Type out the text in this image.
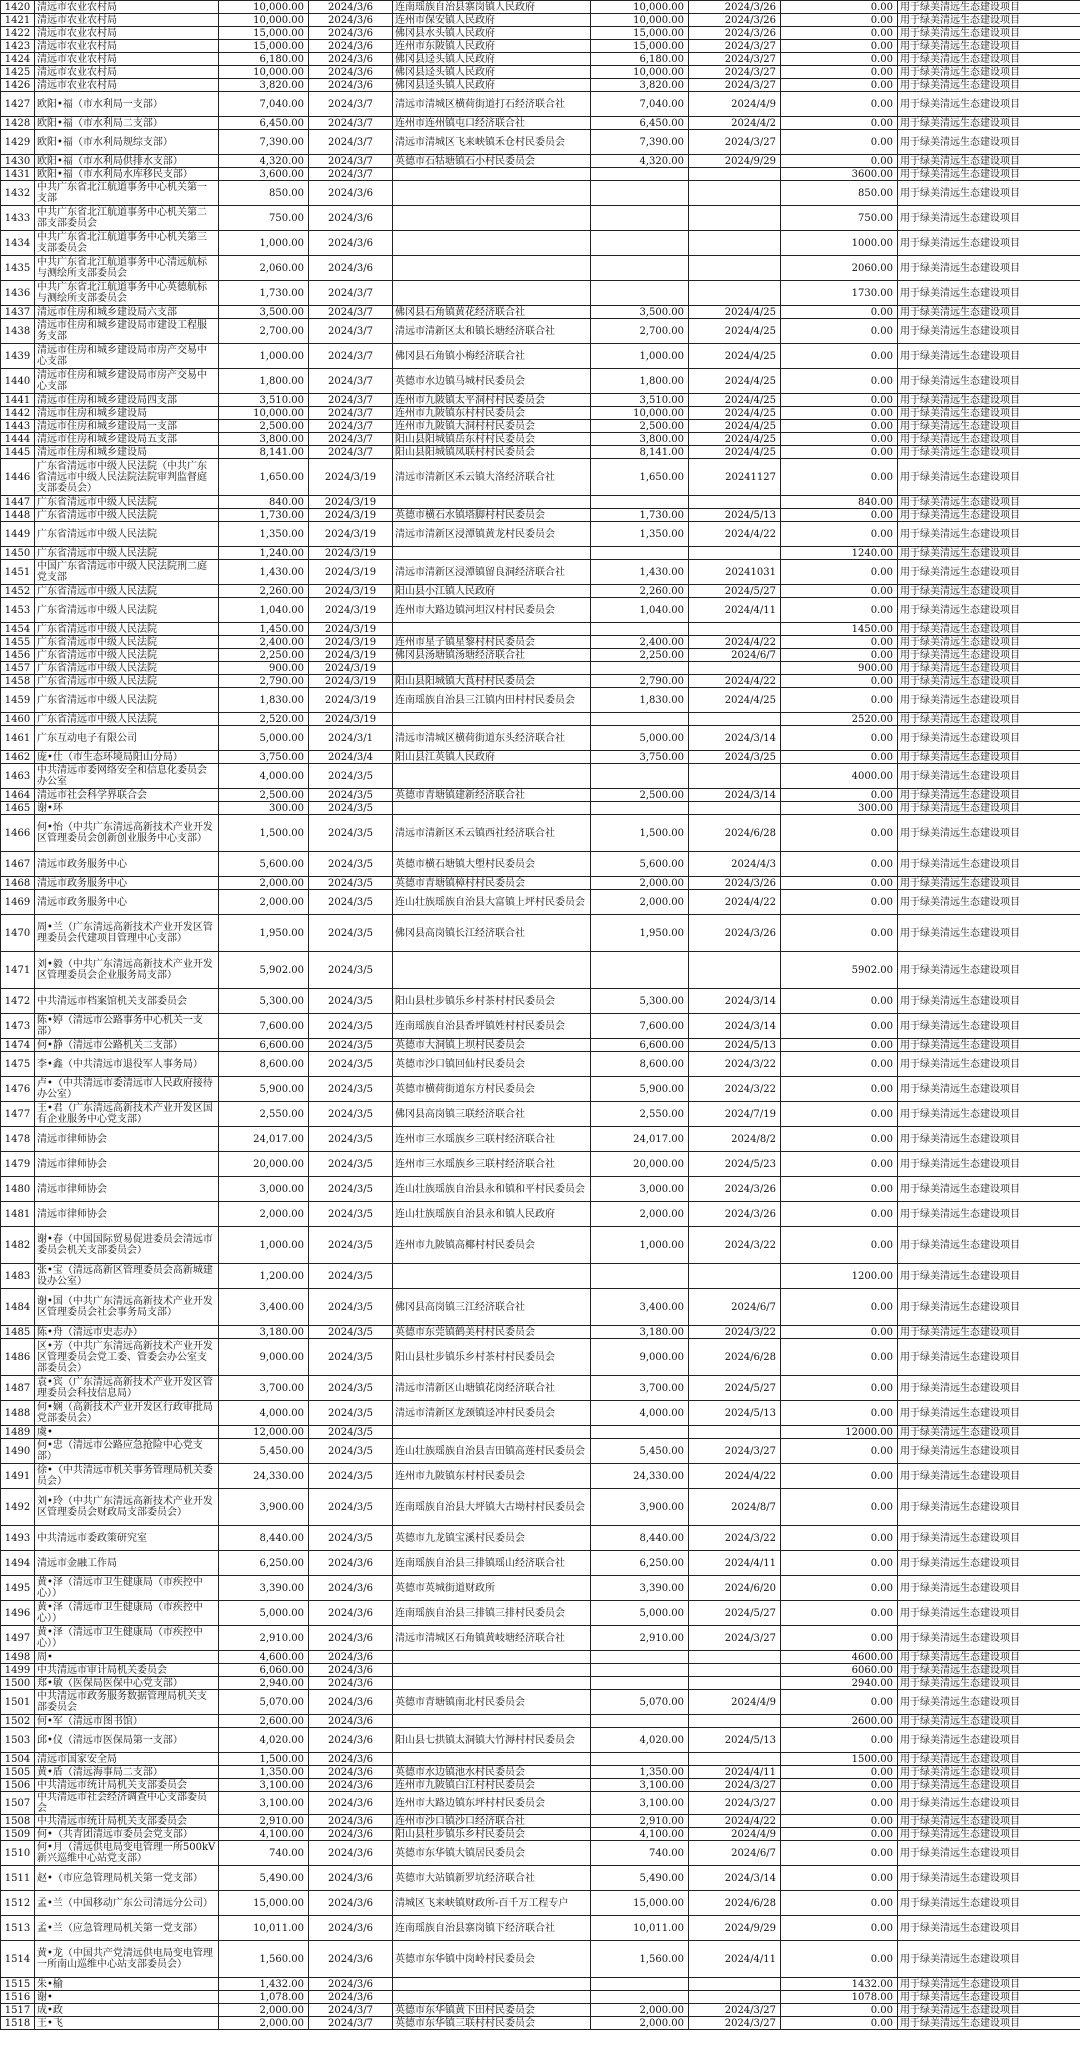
1420	清远市农业农村局	10,000.00	2024/3/6	连南瑶族自治县寨岗镇人民政府	10,000.00	2024/3/26	0.00	用于绿美清远生态建设项目
1421	清远市农业农村局	10,000.00	2024/3/6	连州市保安镇人民政府	10,000.00	2024/3/26	0.00	用于绿美清远生态建设项目
1422	清远市农业农村局	15,000.00	2024/3/6	佛冈县水头镇人民政府	15,000.00	2024/3/26	0.00	用于绿美清远生态建设项目
1423	清远市农业农村局	15,000.00	2024/3/6	连州市东陂镇人民政府	15,000.00	2024/3/27	0.00	用于绿美清远生态建设项目
1424	清远市农业农村局	6,180.00	2024/3/6	佛冈县迳头镇人民政府	6,180.00	2024/3/27	0.00	用于绿美清远生态建设项目
1425	清远市农业农村局	10,000.00	2024/3/6	佛冈县迳头镇人民政府	10,000.00	2024/3/27	0.00	用于绿美清远生态建设项目
1426	清远市农业农村局	3,820.00	2024/3/6	佛冈县迳头镇人民政府	3,820.00	2024/3/27	0.00	用于绿美清远生态建设项目
1427	欧阳•福（市水利局一支部）	7,040.00	2024/3/7	清远市清城区横荷街道打石经济联合社	7,040.00	2024/4/9	0.00	用于绿美清远生态建设项目
1428	欧阳•福（市水利局二支部）	6,450.00	2024/3/7	连州市连州镇屯口经济联合社	6,450.00	2024/4/2	0.00	用于绿美清远生态建设项目
1429	欧阳•福（市水利局规综支部）	7,390.00	2024/3/7	清远市清城区飞来峡镇禾仓村民委员会	7,390.00	2024/3/27	0.00	用于绿美清远生态建设项目
1430	欧阳•福（市水利局供排水支部）	4,320.00	2024/3/7	英德市石牯塘镇石小村民委员会	4,320.00	2024/9/29	0.00	用于绿美清远生态建设项目
1431	欧阳•福（市水利局水库移民支部）	3,600.00	2024/3/7				3600.00	用于绿美清远生态建设项目
1432	中共广东省北江航道事务中心机关第一支部	850.00	2024/3/6				850.00	用于绿美清远生态建设项目
1433	中共广东省北江航道事务中心机关第二部支部委员会	750.00	2024/3/6				750.00	用于绿美清远生态建设项目
1434	中共广东省北江航道事务中心机关第三支部委员会	1,000.00	2024/3/6				1000.00	用于绿美清远生态建设项目
1435	中共广东省北江航道事务中心清远航标与测绘所支部委员会	2,060.00	2024/3/6				2060.00	用于绿美清远生态建设项目
1436	中共广东省北江航道事务中心英德航标与测绘所支部委员会	1,730.00	2024/3/7				1730.00	用于绿美清远生态建设项目
1437	清远市住房和城乡建设局六支部	3,500.00	2024/3/7	佛冈县石角镇黄花经济联合社	3,500.00	2024/4/25	0.00	用于绿美清远生态建设项目
1438	清远市住房和城乡建设局市建设工程服务支部	2,700.00	2024/3/7	清远市清新区太和镇长塘经济联合社	2,700.00	2024/4/25	0.00	用于绿美清远生态建设项目
1439	清远市住房和城乡建设局市房产交易中心支部	1,000.00	2024/3/7	佛冈县石角镇小梅经济联合社	1,000.00	2024/4/25	0.00	用于绿美清远生态建设项目
1440	清远市住房和城乡建设局市房产交易中心支部	1,800.00	2024/3/7	英德市水边镇马城村民委员会	1,800.00	2024/4/25	0.00	用于绿美清远生态建设项目
1441	清远市住房和城乡建设局四支部	3,510.00	2024/3/7	连州市九陂镇太平洞村村民委员会	3,510.00	2024/4/25	0.00	用于绿美清远生态建设项目
1442	清远市住房和城乡建设局	10,000.00	2024/3/7	连州市九陂镇东村村民委员会	10,000.00	2024/4/25	0.00	用于绿美清远生态建设项目
1443	清远市住房和城乡建设局一支部	2,500.00	2024/3/7	连州市九陂镇大洞村村民委员会	2,500.00	2024/4/25	0.00	用于绿美清远生态建设项目
1444	清远市住房和城乡建设局五支部	3,800.00	2024/3/7	阳山县阳城镇岳东村村民委员会	3,800.00	2024/4/25	0.00	用于绿美清远生态建设项目
1445	清远市住房和城乡建设局	8,141.00	2024/3/7	阳山县阳城镇凤联村村民委员会	8,141.00	2024/4/25	0.00	用于绿美清远生态建设项目
1446	广东省清远市中级人民法院（中共广东省清远市中级人民法院法院审判监督庭支部委员会）	1,650.00	2024/3/19	清远市清新区禾云镇大洛经济联合社	1,650.00	20241127	0.00	用于绿美清远生态建设项目
1447	广东省清远市中级人民法院	840.00	2024/3/19				840.00	用于绿美清远生态建设项目
1448	广东省清远市中级人民法院	1,730.00	2024/3/19	英德市横石水镇塔脚村村民委员会	1,730.00	2024/5/13	0.00	用于绿美清远生态建设项目
1449	广东省清远市中级人民法院	1,350.00	2024/3/19	清远市清新区浸潭镇黄龙村民委员会	1,350.00	2024/4/22	0.00	用于绿美清远生态建设项目
1450	广东省清远市中级人民法院	1,240.00	2024/3/19				1240.00	用于绿美清远生态建设项目
1451	中国广东省清远市中级人民法院刑二庭党支部	1,430.00	2024/3/19	清远市清新区浸潭镇留良洞经济联合社	1,430.00	20241031	0.00	用于绿美清远生态建设项目
1452	广东省清远市中级人民法院	2,260.00	2024/3/19	阳山县小江镇人民政府	2,260.00	2024/5/27	0.00	用于绿美清远生态建设项目
1453	广东省清远市中级人民法院	1,040.00	2024/3/19	连州市大路边镇河坦汉村村民委员会	1,040.00	2024/4/11	0.00	用于绿美清远生态建设项目
1454	广东省清远市中级人民法院	1,450.00	2024/3/19				1450.00	用于绿美清远生态建设项目
1455	广东省清远市中级人民法院	2,400.00	2024/3/19	连州市星子镇星黎村村民委员会	2,400.00	2024/4/22	0.00	用于绿美清远生态建设项目
1456	广东省清远市中级人民法院	2,250.00	2024/3/19	佛冈县汤塘镇汤塘经济联合社	2,250.00	2024/6/7	0.00	用于绿美清远生态建设项目
1457	广东省清远市中级人民法院	900.00	2024/3/19				900.00	用于绿美清远生态建设项目
1458	广东省清远市中级人民法院	2,790.00	2024/3/19	阳山县阳城镇大莨村村民委员会	2,790.00	2024/4/22	0.00	用于绿美清远生态建设项目
1459	广东省清远市中级人民法院	1,830.00	2024/3/19	连南瑶族自治县三江镇内田村村民委员会	1,830.00	2024/4/25	0.00	用于绿美清远生态建设项目
1460	广东省清远市中级人民法院	2,520.00	2024/3/19				2520.00	用于绿美清远生态建设项目
1461	广东互动电子有限公司	5,000.00	2024/3/1	清远市清城区横荷街道东头经济联合社	5,000.00	2024/3/14	0.00	用于绿美清远生态建设项目
1462	庞•仕（市生态环境局阳山分局）	3,750.00	2024/3/4	阳山县江英镇人民政府	3,750.00	2024/3/25	0.00	用于绿美清远生态建设项目
1463	中共清远市委网络安全和信息化委员会办公室	4,000.00	2024/3/5				4000.00	用于绿美清远生态建设项目
1464	清远市社会科学界联合会	2,500.00	2024/3/5	英德市青塘镇建新经济联合社	2,500.00	2024/3/14	0.00	用于绿美清远生态建设项目
1465	谢•环	300.00	2024/3/5				300.00	用于绿美清远生态建设项目
1466	何•怡（中共广东清远高新技术产业开发区管理委员会创新创业服务中心支部）	1,500.00	2024/3/5	清远市清新区禾云镇西社经济联合社	1,500.00	2024/6/28	0.00	用于绿美清远生态建设项目
1467	清远市政务服务中心	5,600.00	2024/3/5	英德市横石塘镇大塱村民委员会	5,600.00	2024/4/3	0.00	用于绿美清远生态建设项目
1468	清远市政务服务中心	2,000.00	2024/3/5	英德市青塘镇樟村村民委员会	2,000.00	2024/3/26	0.00	用于绿美清远生态建设项目
1469	清远市政务服务中心	2,000.00	2024/3/5	连山壮族瑶族自治县大富镇上坪村民委员会	2,000.00	2024/4/22	0.00	用于绿美清远生态建设项目
1470	周•兰（广东清远高新技术产业开发区管理委员会代建项目管理中心支部）	1,950.00	2024/3/5	佛冈县高岗镇长江经济联合社	1,950.00	2024/3/26	0.00	用于绿美清远生态建设项目
1471	刘•毅（中共广东清远高新技术产业开发区管理委员会企业服务局支部）	5,902.00	2024/3/5				5902.00	用于绿美清远生态建设项目
1472	中共清远市档案馆机关支部委员会	5,300.00	2024/3/5	阳山县杜步镇乐乡村茶村村民委员会	5,300.00	2024/3/14	0.00	用于绿美清远生态建设项目
1473	陈•婷（清远市公路事务中心机关一支部）	7,600.00	2024/3/5	连南瑶族自治县香坪镇姓村村民委员会	7,600.00	2024/3/14	0.00	用于绿美清远生态建设项目
1474	何•静（清远市公路机关二支部）	6,600.00	2024/3/5	英德市大洞镇上坝村民委员会	6,600.00	2024/5/13	0.00	用于绿美清远生态建设项目
1475	李•鑫（中共清远市退役军人事务局）	8,600.00	2024/3/5	英德市沙口镇回仙村民委员会	8,600.00	2024/3/22	0.00	用于绿美清远生态建设项目
1476	卢•（中共清远市委清远市人民政府接待办公室）	5,900.00	2024/3/5	英德市横荷街道东方村民委员会	5,900.00	2024/3/22	0.00	用于绿美清远生态建设项目
1477	王•君（广东清远高新技术产业开发区国有企业服务中心党支部）	2,550.00	2024/3/5	佛冈县高岗镇三联经济联合社	2,550.00	2024/7/19	0.00	用于绿美清远生态建设项目
1478	清远市律师协会	24,017.00	2024/3/5	连州市三水瑶族乡三联村经济联合社	24,017.00	2024/8/2	0.00	用于绿美清远生态建设项目
1479	清远市律师协会	20,000.00	2024/3/5	连州市三水瑶族乡三联村经济联合社	20,000.00	2024/5/23	0.00	用于绿美清远生态建设项目
1480	清远市律师协会	3,000.00	2024/3/5	连山壮族瑶族自治县永和镇和平村民委员会	3,000.00	2024/3/26	0.00	用于绿美清远生态建设项目
1481	清远市律师协会	2,000.00	2024/3/5	连山壮族瑶族自治县永和镇人民政府	2,000.00	2024/3/26	0.00	用于绿美清远生态建设项目
1482	谢•春（中国国际贸易促进委员会清远市委员会机关支部委员会）	1,000.00	2024/3/5	连州市九陂镇高椰村村民委员会	1,000.00	2024/3/22	0.00	用于绿美清远生态建设项目
1483	张•宝（清远高新区管理委员会高新城建设办公室）	1,200.00	2024/3/5				1200.00	用于绿美清远生态建设项目
1484	谢•国（中共广东清远高新技术产业开发区管理委员会社会事务局支部）	3,400.00	2024/3/5	佛冈县高岗镇三江经济联合社	3,400.00	2024/6/7	0.00	用于绿美清远生态建设项目
1485	陈•舟（清远市史志办）	3,180.00	2024/3/5	英德市东莞镇鹤美村村民委员会	3,180.00	2024/3/22	0.00	用于绿美清远生态建设项目
1486	区•芳（中共广东清远高新技术产业开发区管理委员会党工委、管委会办公室支部委员会）	9,000.00	2024/3/5	阳山县杜步镇乐乡村茶村村民委员会	9,000.00	2024/6/28	0.00	用于绿美清远生态建设项目
1487	袁•宾（广东清远高新技术产业开发区管理委员会科技信息局）	3,700.00	2024/3/5	清远市清新区山塘镇花岗经济联合社	3,700.00	2024/5/27	0.00	用于绿美清远生态建设项目
1488	何•娴（高新技术产业开发区行政审批局党部委员会）	4,000.00	2024/3/5	清远市清新区龙颈镇迳冲村民委员会	4,000.00	2024/5/13	0.00	用于绿美清远生态建设项目
1489	虞•	12,000.00	2024/3/5				12000.00	用于绿美清远生态建设项目
1490	何•忠（清远市公路应急抢险中心党支部）	5,450.00	2024/3/5	连山壮族瑶族自治县吉田镇高莲村民委员会	5,450.00	2024/3/27	0.00	用于绿美清远生态建设项目
1491	徐•（中共清远市机关事务管理局机关委员会）	24,330.00	2024/3/5	连州市九陂镇东村村民委员会	24,330.00	2024/4/22	0.00	用于绿美清远生态建设项目
1492	刘•玲（中共广东清远高新技术产业开发区管理委员会财政局支部委员会）	3,900.00	2024/3/5	连南瑶族自治县大坪镇大古坳村村民委员会	3,900.00	2024/8/7	0.00	用于绿美清远生态建设项目
1493	中共清远市委政策研究室	8,440.00	2024/3/5	英德市九龙镇宝溪村民委员会	8,440.00	2024/3/22	0.00	用于绿美清远生态建设项目
1494	清远市金融工作局	6,250.00	2024/3/6	连南瑶族自治县三排镇瑶山经济联合社	6,250.00	2024/4/11	0.00	用于绿美清远生态建设项目
1495	黄•泽（清远市卫生健康局（市疾控中心））	3,390.00	2024/3/6	英德市英城街道财政所	3,390.00	2024/6/20	0.00	用于绿美清远生态建设项目
1496	黄•泽（清远市卫生健康局（市疾控中心））	5,000.00	2024/3/6	连南瑶族自治县三排镇三排村民委员会	5,000.00	2024/5/27	0.00	用于绿美清远生态建设项目
1497	黄•泽（清远市卫生健康局（市疾控中心））	2,910.00	2024/3/6	清远市清城区石角镇黄岐塘经济联合社	2,910.00	2024/3/27	0.00	用于绿美清远生态建设项目
1498	周•	4,600.00	2024/3/6				4600.00	用于绿美清远生态建设项目
1499	中共清远市审计局机关委员会	6,060.00	2024/3/6				6060.00	用于绿美清远生态建设项目
1500	郑•敏（医保局医保中心党支部）	2,940.00	2024/3/6				2940.00	用于绿美清远生态建设项目
1501	中共清远市政务服务数据管理局机关支部委员会	5,070.00	2024/3/6	英德市青塘镇南北村民委员会	5,070.00	2024/4/9	0.00	用于绿美清远生态建设项目
1502	何•军（清远市图书馆）	2,600.00	2024/3/6				2600.00	用于绿美清远生态建设项目
1503	邱•仪（清远市医保局第一支部）	4,020.00	2024/3/6	阳山县七拱镇太洞镇大竹溽村村民委员会	4,020.00	2024/5/13	0.00	用于绿美清远生态建设项目
1504	清远市国家安全局	1,500.00	2024/3/6				1500.00	用于绿美清远生态建设项目
1505	黄•盾（清远海事局二支部）	1,350.00	2024/3/6	英德市水边镇池水村民委员会	1,350.00	2024/4/11	0.00	用于绿美清远生态建设项目
1506	中共清远市统计局机关支部委员会	3,100.00	2024/3/6	连州市九陂镇白江村村民委员会	3,100.00	2024/3/27	0.00	用于绿美清远生态建设项目
1507	中共清远市社会经济调查中心支部委员会	3,100.00	2024/3/6	连州市大路边镇东坪村村民委员会	3,100.00	2024/3/27	0.00	用于绿美清远生态建设项目
1508	中共清远市统计局机关支部委员会	2,910.00	2024/3/6	连州市沙口镇沙口经济联合社	2,910.00	2024/4/22	0.00	用于绿美清远生态建设项目
1509	何•（共青团清远市委员会党支部）	4,100.00	2024/3/6	阳山县杜步镇乐乡村民委员会	4,100.00	2024/4/9	0.00	用于绿美清远生态建设项目
1510	何•月（清远供电局变电管理一所500kV新兴巡维中心站党支部）	740.00	2024/3/6	英德市东华镇大镇居民委员会	740.00	2024/6/7	0.00	用于绿美清远生态建设项目
1511	赵•（市应急管理局机关第一党支部）	5,490.00	2024/3/6	英德市大站镇新罗坑经济联合社	5,490.00	2024/3/14	0.00	用于绿美清远生态建设项目
1512	孟•兰（中国移动广东公司清远分公司）	15,000.00	2024/3/6	清城区飞来峡镇财政所-百千万工程专户	15,000.00	2024/6/28	0.00	用于绿美清远生态建设项目
1513	孟•兰（应急管理局机关第一党支部）	10,011.00	2024/3/6	连南瑶族自治县寨岗镇下经济联合社	10,011.00	2024/9/29	0.00	用于绿美清远生态建设项目
1514	黄•龙（中国共产党清远供电局变电管理一所南山巡维中心站支部委员会）	1,560.00	2024/3/6	英德市东华镇中岗岭村民委员会	1,560.00	2024/4/11	0.00	用于绿美清远生态建设项目
1515	朱•榆	1,432.00	2024/3/6				1432.00	用于绿美清远生态建设项目
1516	谢•	1,078.00	2024/3/6				1078.00	用于绿美清远生态建设项目
1517	成•政	2,000.00	2024/3/7	英德市东华镇黄下田村民委员会	2,000.00	2024/3/27	0.00	用于绿美清远生态建设项目
1518	王•飞	2,000.00	2024/3/7	英德市东华镇三联村村民委员会	2,000.00	2024/3/27	0.00	用于绿美清远生态建设项目
